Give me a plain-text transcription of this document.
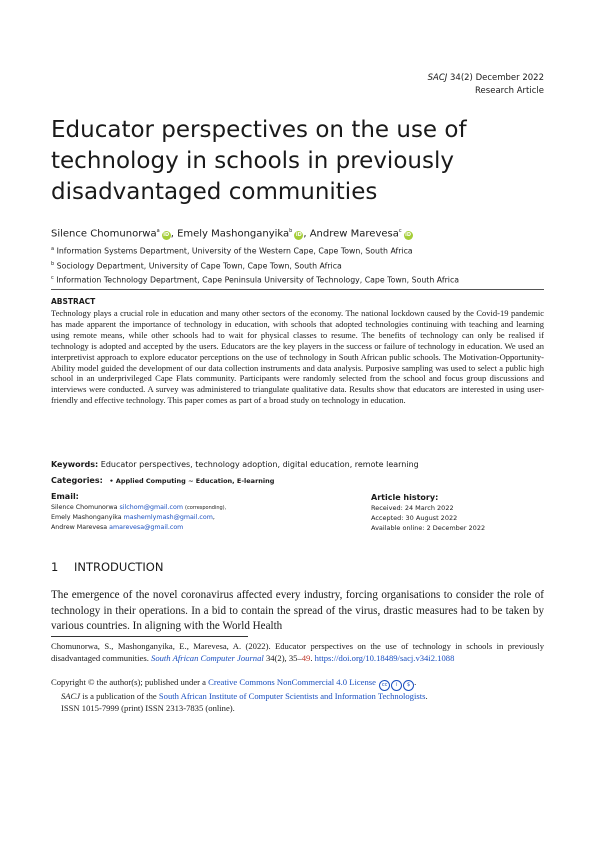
SACJ 34(2) December 2022
Research Article
Educator perspectives on the use of technology in schools in previously disadvantaged communities
Silence Chomunorwa$^a$iD , Emely Mashonganyika$^b$iD , Andrew Marevesa$^c$iD
$^a$ Information Systems Department, University of the Western Cape, Cape Town, South Africa
$^b$ Sociology Department, University of Cape Town, Cape Town, South Africa
$^c$ Information Technology Department, Cape Peninsula University of Technology, Cape Town, South Africa
ABSTRACT
Technology plays a crucial role in education and many other sectors of the economy. The national lockdown caused by the Covid-19 pandemic has made apparent the importance of technology in education, with schools that adopted technologies continuing with teaching and learning using remote means, while other schools had to wait for physical classes to resume. The benefits of technology can only be realised if technology is adopted and accepted by the users. Educators are the key players in the success or failure of technology in education. We used an interpretivist approach to explore educator perceptions on the use of technology in South African public schools. The Motivation-Opportunity-Ability model guided the development of our data collection instruments and data analysis. Purposive sampling was used to select a public high school in an underprivileged Cape Flats community. Participants were randomly selected from the school and focus group discussions and interviews were conducted. A survey was administered to triangulate qualitative data. Results show that educators are interested in using user-friendly and effective technology. This paper comes as part of a broad study on technology in education.
Keywords: Educator perspectives, technology adoption, digital education, remote learning
Categories: • Applied Computing ~ Education, E-learning
Email:
Silence Chomunorwa silchom@gmail.com (corresponding),
Emely Mashonganyika mashemlymash@gmail.com,
Andrew Marevesa amarevesa@gmail.com
Article history:
Received: 24 March 2022
Accepted: 30 August 2022
Available online: 2 December 2022
1 INTRODUCTION
The emergence of the novel coronavirus affected every industry, forcing organisations to consider the role of technology in their operations. In a bid to contain the spread of the virus, drastic measures had to be taken by various countries. In aligning with the World Health
Chomunorwa, S., Mashonganyika, E., Marevesa, A. (2022). Educator perspectives on the use of technology in schools in previously disadvantaged communities. South African Computer Journal 34(2), 35–49. https://doi.org/10.18489/sacj.v34i2.1088
Copyright © the author(s); published under a Creative Commons NonCommercial 4.0 License cc i $ .
SACJ is a publication of the South African Institute of Computer Scientists and Information Technologists.
ISSN 1015-7999 (print) ISSN 2313-7835 (online).
